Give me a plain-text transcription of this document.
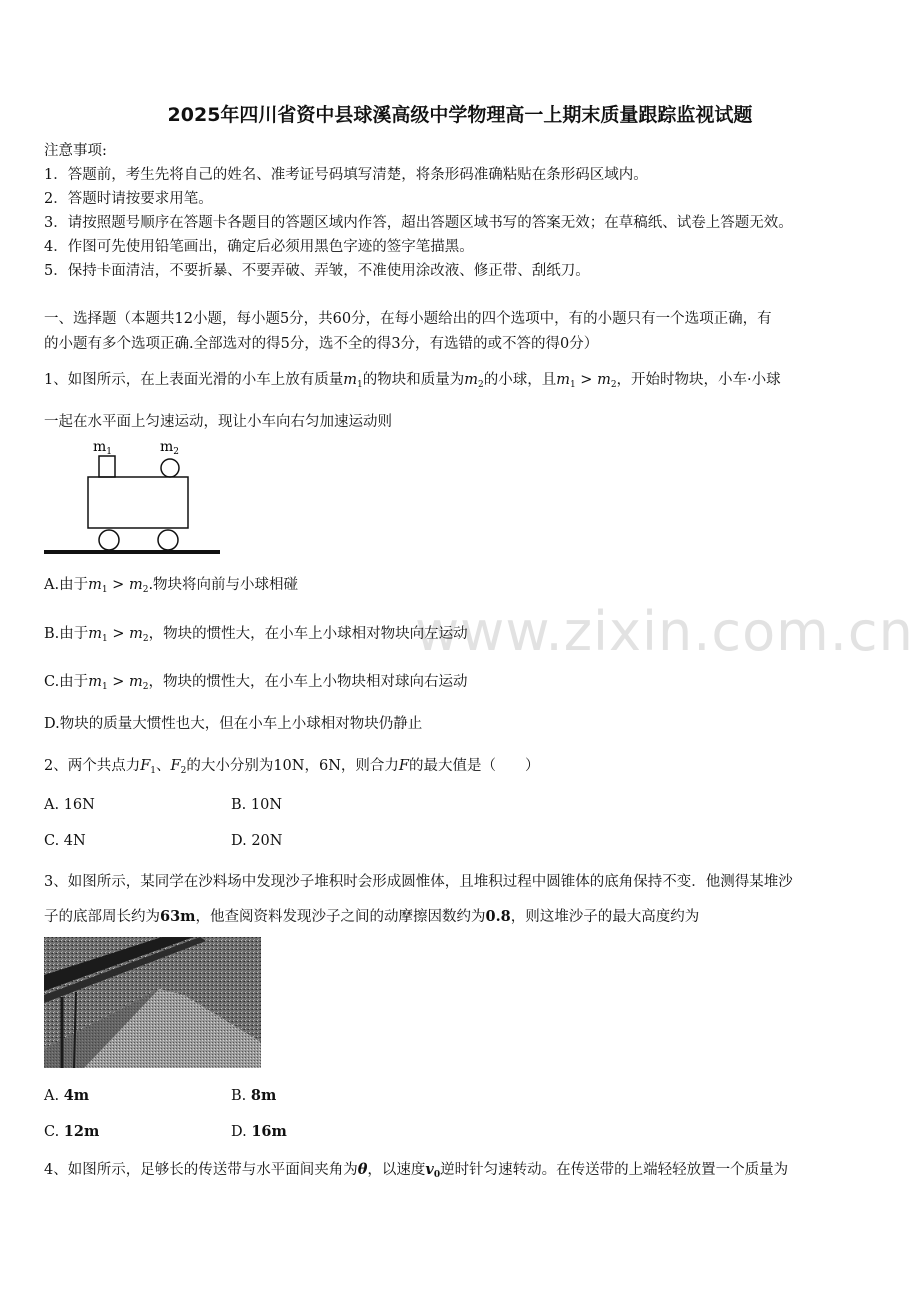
www.zixin.com.cn
2025年四川省资中县球溪高级中学物理高一上期末质量跟踪监视试题
注意事项:
1．答题前，考生先将自己的姓名、准考证号码填写清楚，将条形码准确粘贴在条形码区域内。
2．答题时请按要求用笔。
3．请按照题号顺序在答题卡各题目的答题区域内作答，超出答题区域书写的答案无效；在草稿纸、试卷上答题无效。
4．作图可先使用铅笔画出，确定后必须用黑色字迹的签字笔描黑。
5．保持卡面清洁，不要折暴、不要弄破、弄皱，不准使用涂改液、修正带、刮纸刀。
一、选择题（本题共12小题，每小题5分，共60分，在每小题给出的四个选项中，有的小题只有一个选项正确，有
的小题有多个选项正确.全部选对的得5分，选不全的得3分，有选错的或不答的得0分）
1、如图所示，在上表面光滑的小车上放有质量$m_1$的物块和质量为$m_2$的小球，且$m_1 > m_2$，开始时物块，小车·小球
一起在水平面上匀速运动，现让小车向右匀加速运动则
$m_1$	$m_2$
A.由于$m_1 > m_2$.物块将向前与小球相碰
B.由于$m_1 > m_2$，物块的惯性大，在小车上小球相对物块向左运动
C.由于$m_1 > m_2$，物块的惯性大，在小车上小物块相对球向右运动
D.物块的质量大惯性也大，但在小车上小球相对物块仍静止
2、两个共点力$F_1$、$F_2$的大小分别为10N，6N，则合力F的最大值是（　　）
A. 16N	B. 10N
C. 4N	D. 20N
3、如图所示，某同学在沙料场中发现沙子堆积时会形成圆惟体，且堆积过程中圆锥体的底角保持不变．他测得某堆沙
子的底部周长约为63m，他查阅资料发现沙子之间的动摩擦因数约为0.8，则这堆沙子的最大高度约为
A. 4m	B. 8m
C. 12m	D. 16m
4、如图所示，足够长的传送带与水平面间夹角为θ，以速度$v_0$逆时针匀速转动。在传送带的上端轻轻放置一个质量为
